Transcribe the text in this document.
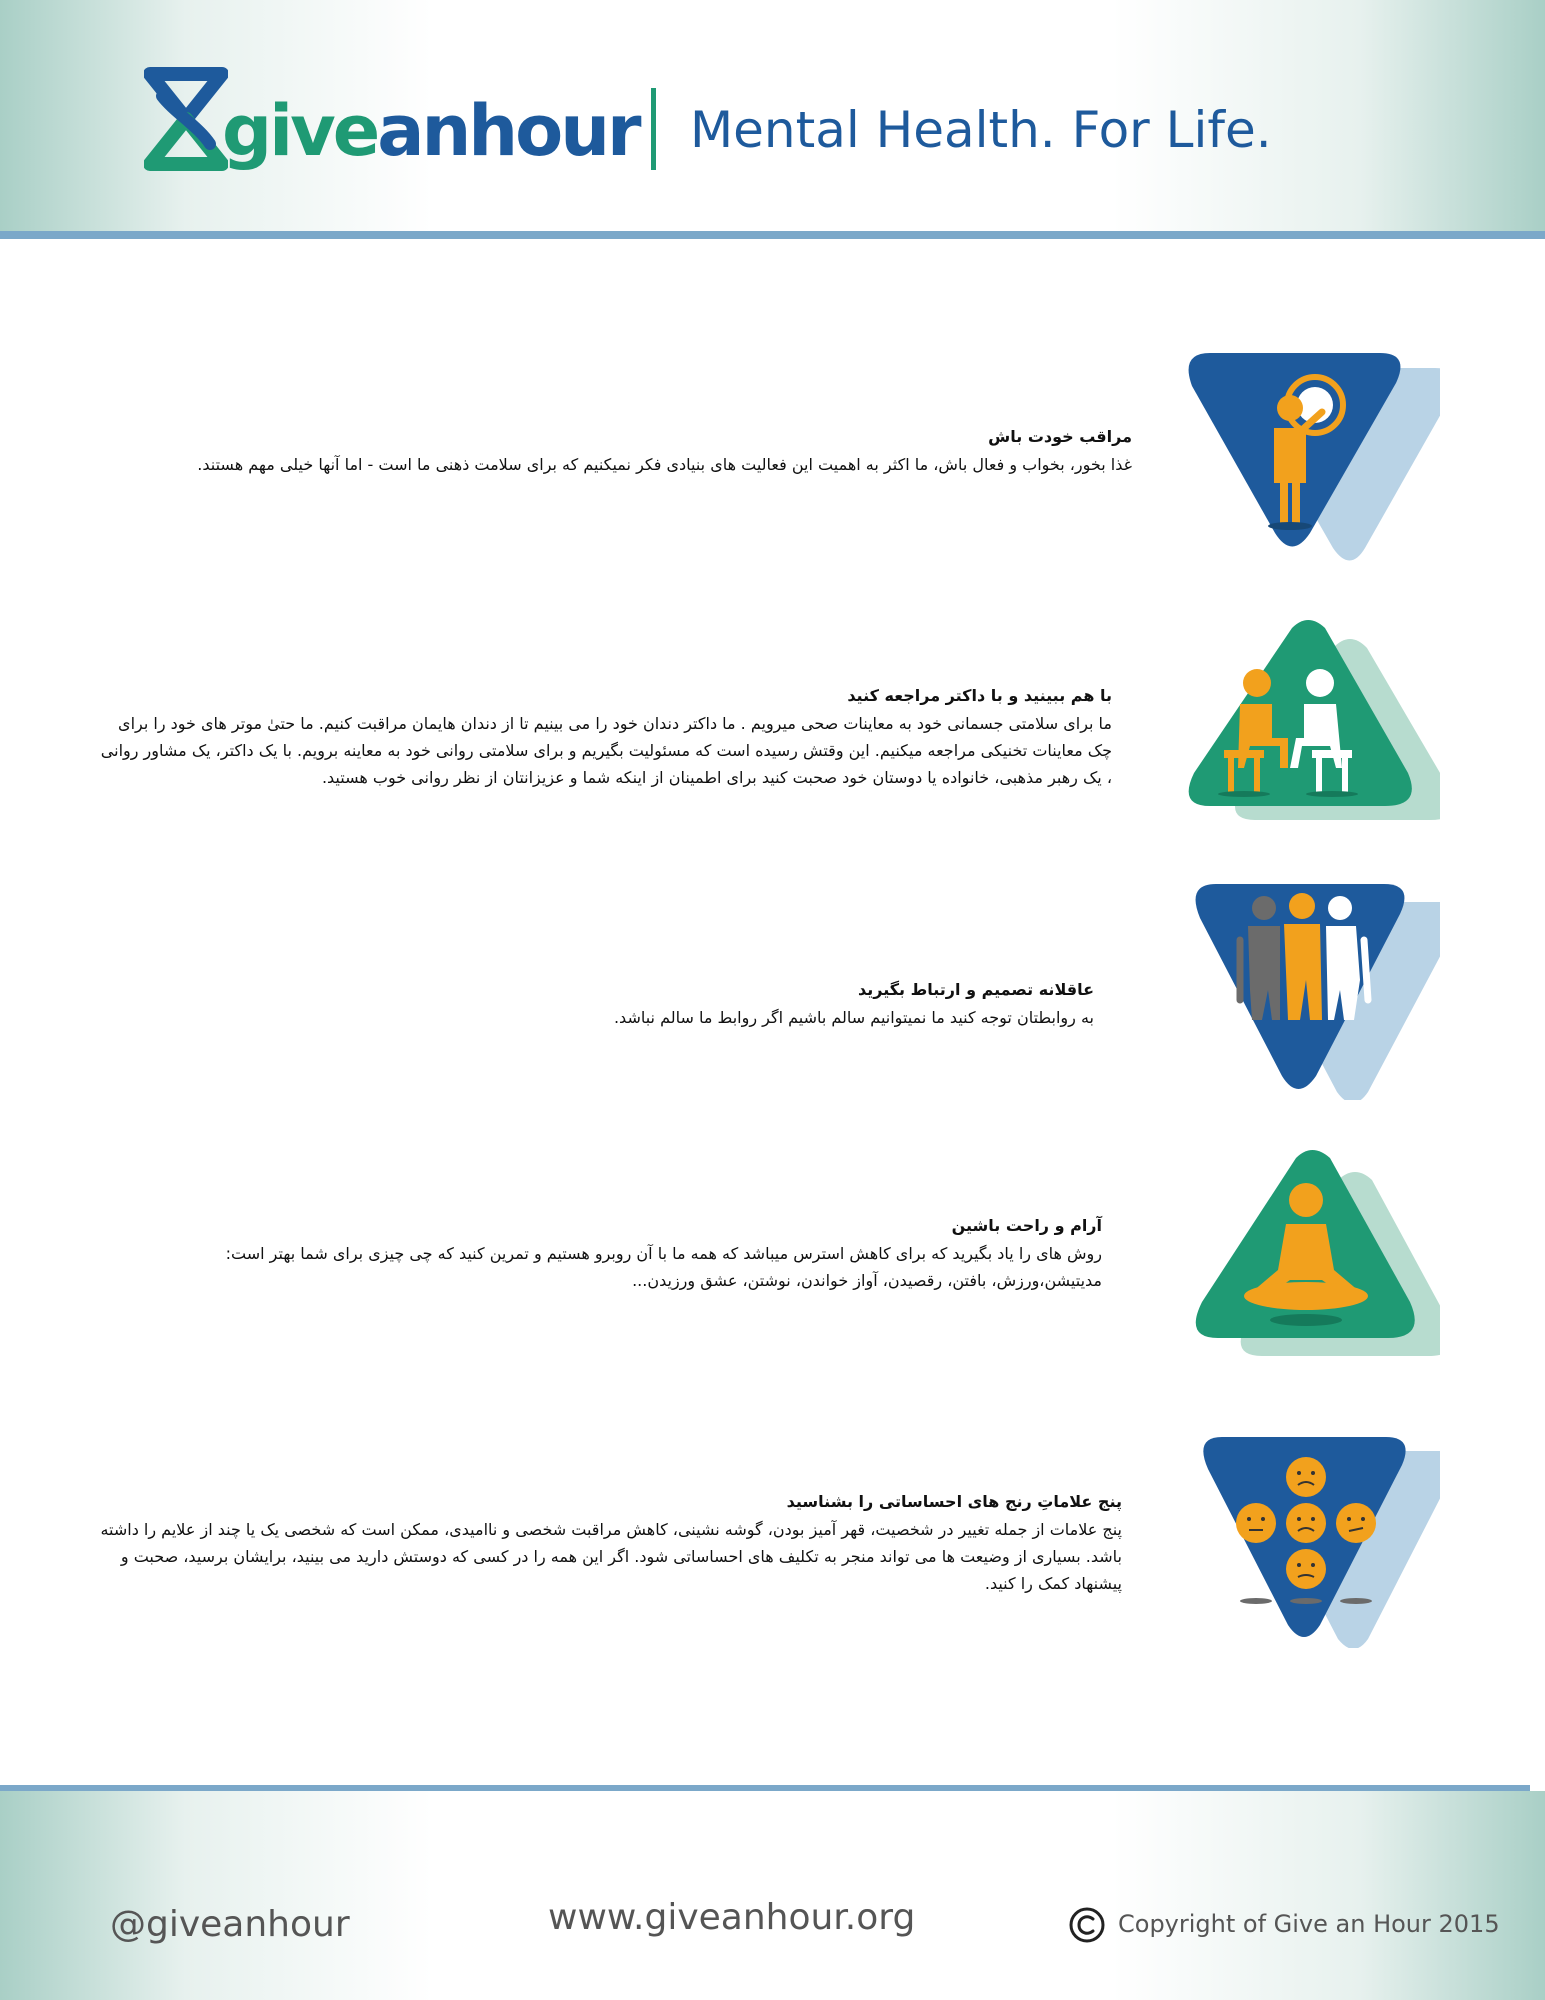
giveanhour Mental Health. For Life.
مراقب خودت باش
غذا بخور، بخواب و فعال باش، ما اکثر به اهمیت این فعالیت های بنیادی فکر نمیکنیم که برای سلامت ذهنی ما است - اما آنها خیلی مهم هستند.
با هم ببینید و با داکتر مراجعه کنید
ما برای سلامتی جسمانی خود به معاینات صحی میرویم . ما داکتر دندان خود را می بینیم تا از دندان هایمان مراقبت کنیم. ما حتیٰ موتر های خود را برای چک معاینات تخنیکی مراجعه میکنیم. این وقتش رسیده است که مسئولیت بگیریم و برای سلامتی روانی خود به معاینه برویم. با یک داکتر، یک مشاور روانی ، یک رهبر مذهبی، خانواده یا دوستان خود صحبت کنید برای اطمینان از اینکه شما و عزیزانتان از نظر روانی خوب هستید.
عاقلانه تصمیم و ارتباط بگیرید
به روابطتان توجه کنید ما نمیتوانیم سالم باشیم اگر روابط ما سالم نباشد.
آرام و راحت باشین
روش های را یاد بگیرید که برای کاهش استرس میباشد که همه ما با آن روبرو هستیم و تمرین کنید که چی چیزی برای شما بهتر است: مدیتیشن،ورزش، بافتن، رقصیدن، آواز خواندن، نوشتن، عشق ورزیدن...
پنج علاماتِ رنج های احساساتی را بشناسید
پنج علامات از جمله تغییر در شخصیت، قهر آمیز بودن، گوشه نشینی، کاهش مراقبت شخصی و ناامیدی، ممکن است که شخصی یک یا چند از علایم را داشته باشد. بسیاری از وضیعت ها می تواند منجر به تکلیف های احساساتی شود. اگر این همه را در کسی که دوستش دارید می بینید، برایشان برسید، صحبت و پیشنهاد کمک را کنید.
@giveanhour	www.giveanhour.org	Copyright of Give an Hour 2015
